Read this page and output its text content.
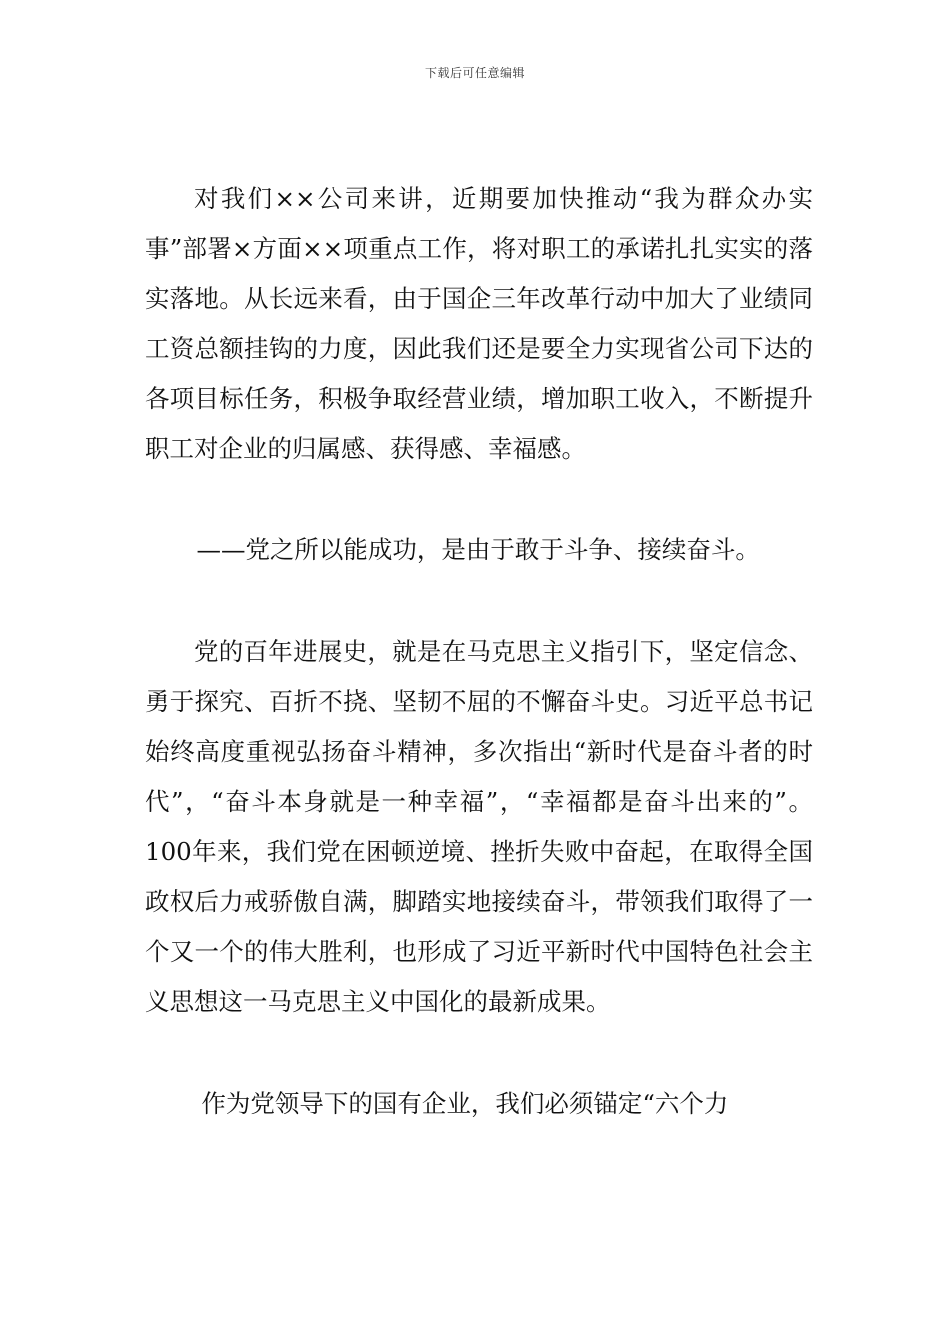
下载后可任意编辑

对我们××公司来讲，近期要加快推动“我为群众办实事”部署×方面××项重点工作，将对职工的承诺扎扎实实的落实落地。从长远来看，由于国企三年改革行动中加大了业绩同工资总额挂钩的力度，因此我们还是要全力实现省公司下达的各项目标任务，积极争取经营业绩，增加职工收入，不断提升职工对企业的归属感、获得感、幸福感。

——党之所以能成功，是由于敢于斗争、接续奋斗。

党的百年进展史，就是在马克思主义指引下，坚定信念、勇于探究、百折不挠、坚韧不屈的不懈奋斗史。习近平总书记始终高度重视弘扬奋斗精神，多次指出“新时代是奋斗者的时代”，“奋斗本身就是一种幸福”，“幸福都是奋斗出来的”。100年来，我们党在困顿逆境、挫折失败中奋起，在取得全国政权后力戒骄傲自满，脚踏实地接续奋斗，带领我们取得了一个又一个的伟大胜利，也形成了习近平新时代中国特色社会主义思想这一马克思主义中国化的最新成果。

作为党领导下的国有企业，我们必须锚定“六个力
